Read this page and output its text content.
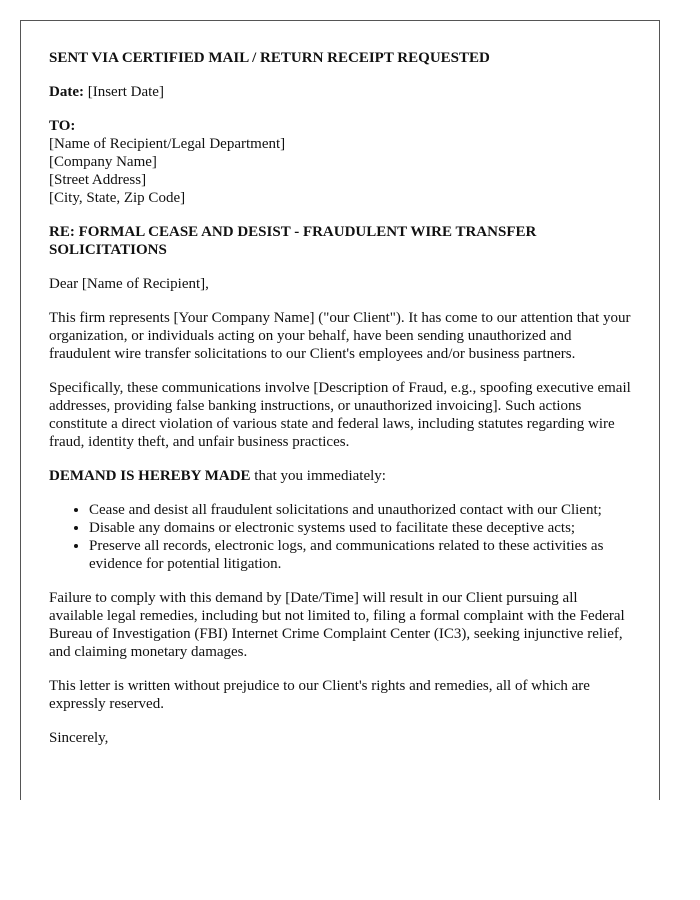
SENT VIA CERTIFIED MAIL / RETURN RECEIPT REQUESTED
Date: [Insert Date]
TO:
[Name of Recipient/Legal Department]
[Company Name]
[Street Address]
[City, State, Zip Code]
RE: FORMAL CEASE AND DESIST - FRAUDULENT WIRE TRANSFER SOLICITATIONS
Dear [Name of Recipient],
This firm represents [Your Company Name] ("our Client"). It has come to our attention that your organization, or individuals acting on your behalf, have been sending unauthorized and fraudulent wire transfer solicitations to our Client's employees and/or business partners.
Specifically, these communications involve [Description of Fraud, e.g., spoofing executive email addresses, providing false banking instructions, or unauthorized invoicing]. Such actions constitute a direct violation of various state and federal laws, including statutes regarding wire fraud, identity theft, and unfair business practices.
DEMAND IS HEREBY MADE that you immediately:
• Cease and desist all fraudulent solicitations and unauthorized contact with our Client;
• Disable any domains or electronic systems used to facilitate these deceptive acts;
• Preserve all records, electronic logs, and communications related to these activities as evidence for potential litigation.
Failure to comply with this demand by [Date/Time] will result in our Client pursuing all available legal remedies, including but not limited to, filing a formal complaint with the Federal Bureau of Investigation (FBI) Internet Crime Complaint Center (IC3), seeking injunctive relief, and claiming monetary damages.
This letter is written without prejudice to our Client's rights and remedies, all of which are expressly reserved.
Sincerely,
